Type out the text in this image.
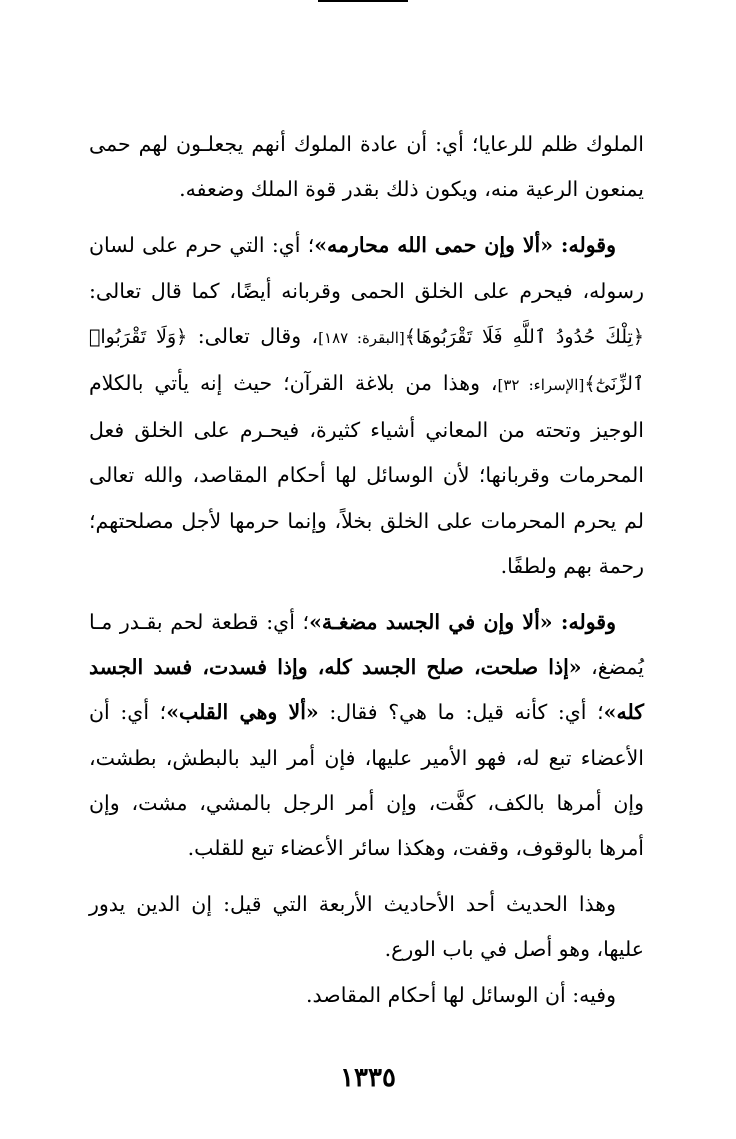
الملوك ظلم للرعايا؛ أي: أن عادة الملوك أنهم يجعلـون لهم حمى يمنعون الرعية منه، ويكون ذلك بقدر قوة الملك وضعفه.

وقوله: «ألا وإن حمى الله محارمه»؛ أي: التي حرم على لسان رسوله، فيحرم على الخلق الحمى وقربانه أيضًا، كما قال تعالى: ﴿تِلْكَ حُدُودُ ٱللَّهِ فَلَا تَقْرَبُوهَا﴾[البقرة: ١٨٧]، وقال تعالى: ﴿وَلَا تَقْرَبُوا۟ ٱلزِّنَىٰٓ﴾[الإسراء: ٣٢]، وهذا من بلاغة القرآن؛ حيث إنه يأتي بالكلام الوجيز وتحته من المعاني أشياء كثيرة، فيحـرم على الخلق فعل المحرمات وقربانها؛ لأن الوسائل لها أحكام المقاصد، والله تعالى لم يحرم المحرمات على الخلق بخلاً، وإنما حرمها لأجل مصلحتهم؛ رحمة بهم ولطفًا.

وقوله: «ألا وإن في الجسد مضغـة»؛ أي: قطعة لحم بقـدر مـا يُمضغ، «إذا صلحت، صلح الجسد كله، وإذا فسدت، فسد الجسد كله»؛ أي: كأنه قيل: ما هي؟ فقال: «ألا وهي القلب»؛ أي: أن الأعضاء تبع له، فهو الأمير عليها، فإن أمر اليد بالبطش، بطشت، وإن أمرها بالكف، كفَّت، وإن أمر الرجل بالمشي، مشت، وإن أمرها بالوقوف، وقفت، وهكذا سائر الأعضاء تبع للقلب.

وهذا الحديث أحد الأحاديث الأربعة التي قيل: إن الدين يدور عليها، وهو أصل في باب الورع.

وفيه: أن الوسائل لها أحكام المقاصد.

١٣٣٥
